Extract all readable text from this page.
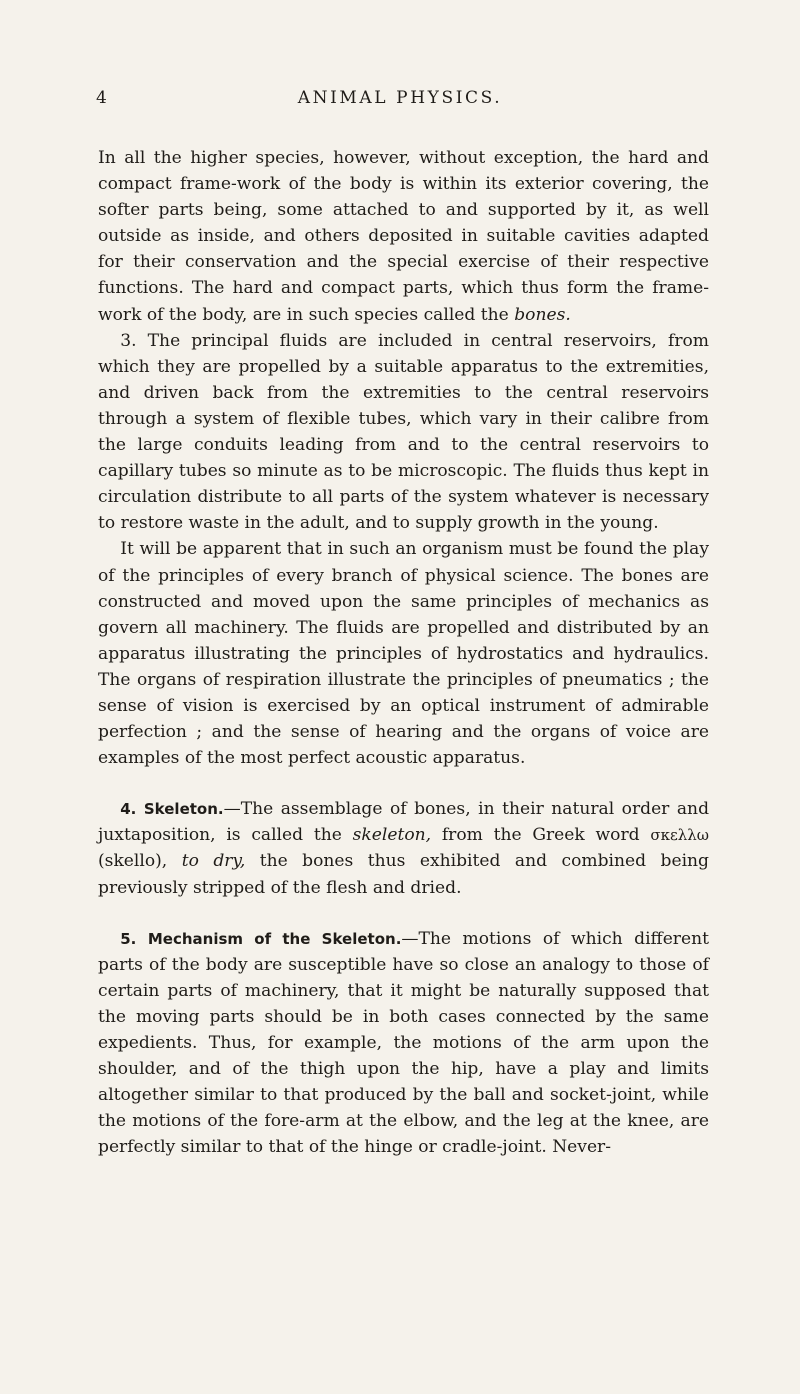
4	ANIMAL PHYSICS.

In all the higher species, however, without exception, the hard and compact frame-work of the body is within its exterior covering, the softer parts being, some attached to and supported by it, as well outside as inside, and others deposited in suitable cavities adapted for their conservation and the special exercise of their respective functions. The hard and compact parts, which thus form the frame-work of the body, are in such species called the bones.

3. The principal fluids are included in central reservoirs, from which they are propelled by a suitable apparatus to the extremities, and driven back from the extremities to the central reservoirs through a system of flexible tubes, which vary in their calibre from the large conduits leading from and to the central reservoirs to capillary tubes so minute as to be microscopic. The fluids thus kept in circulation distribute to all parts of the system whatever is necessary to restore waste in the adult, and to supply growth in the young.

It will be apparent that in such an organism must be found the play of the principles of every branch of physical science. The bones are constructed and moved upon the same principles of mechanics as govern all machinery. The fluids are propelled and distributed by an apparatus illustrating the principles of hydrostatics and hydraulics. The organs of respiration illustrate the principles of pneumatics ; the sense of vision is exercised by an optical instrument of admirable perfection ; and the sense of hearing and the organs of voice are examples of the most perfect acoustic apparatus.

4. Skeleton.—The assemblage of bones, in their natural order and juxtaposition, is called the skeleton, from the Greek word σκελλω (skello), to dry, the bones thus exhibited and combined being previously stripped of the flesh and dried.

5. Mechanism of the Skeleton.—The motions of which different parts of the body are susceptible have so close an analogy to those of certain parts of machinery, that it might be naturally supposed that the moving parts should be in both cases connected by the same expedients. Thus, for example, the motions of the arm upon the shoulder, and of the thigh upon the hip, have a play and limits altogether similar to that produced by the ball and socket-joint, while the motions of the fore-arm at the elbow, and the leg at the knee, are perfectly similar to that of the hinge or cradle-joint. Never-
